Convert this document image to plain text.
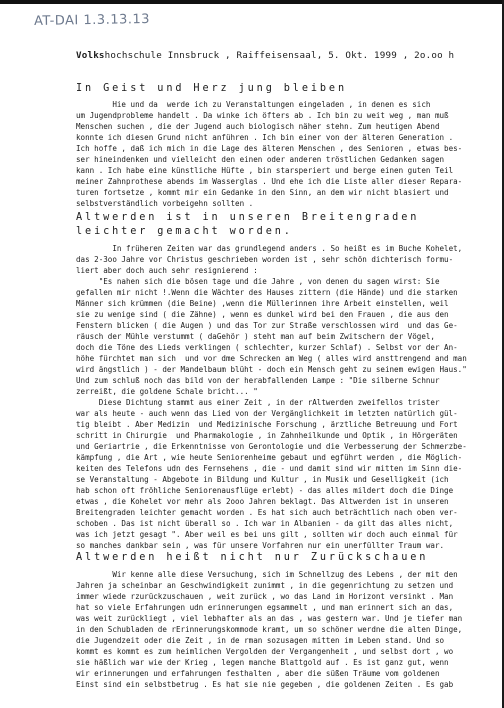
AT-DAI 1.3.13.13
Volkshochschule Innsbruck , Raiffeisensaal, 5. Okt. 1999 , 2o.oo h
In Geist und Herz jung bleiben
Hie und da  werde ich zu Veranstaltungen eingeladen , in denen es sich
um Jugendprobleme handelt . Da winke ich öfters ab . Ich bin zu weit weg , man muß
Menschen suchen , die der Jugend auch biologisch näher stehn. Zum heutigen Abend
konnte ich diesen Grund nicht anführen . Ich bin einer von der älteren Generation .
Ich hoffe , daß ich mich in die Lage des älteren Menschen , des Senioren , etwas bes-
ser hineindenken und vielleicht den einen oder anderen tröstlichen Gedanken sagen
kann . Ich habe eine künstliche Hüfte , bin starsperiert und berge einen guten Teil
meiner Zahnprothese abends im Wasserglas . Und ehe ich die Liste aller dieser Repara-
turen fortsetze , kommt mir ein Gedanke in den Sinn, an dem wir nicht blasiert und
selbstverständlich vorbeigehn sollten .
Altwerden ist in unseren Breitengraden
leichter gemacht worden.
In früheren Zeiten war das grundlegend anders . So heißt es im Buche Kohelet,
das 2-3oo Jahre vor Christus geschrieben worden ist , sehr schön dichterisch formu-
liert aber doch auch sehr resignierend :
"Es nahen sich die bösen tage und die Jahre , von denen du sagen wirst: Sie
gefallen mir nicht !.Wenn die Wächter des Hauses zittern (die Hände) und die starken
Männer sich krümmen (die Beine) ,wenn die Müllerinnen ihre Arbeit einstellen, weil
sie zu wenige sind ( die Zähne) , wenn es dunkel wird bei den Frauen , die aus den
Fenstern blicken ( die Augen ) und das Tor zur Straße verschlossen wird  und das Ge-
räusch der Mühle verstummt ( daGehör ) steht man auf beim Zwitschern der Vögel,
doch die Töne des Lieds verklingen ( schlechter, kurzer Schlaf) . Selbst vor der An-
höhe fürchtet man sich  und vor dme Schrecken am Weg ( alles wird ansttrengend and man
wird ängstlich ) - der Mandelbaum blüht - doch ein Mensch geht zu seinem ewigen Haus."
Und zum schluß noch das bild von der herabfallenden Lampe : "Die silberne Schnur
zerreißt, die goldene Schale bricht... "
Diese Dichtung stammt aus einer Zeit , in der rAltwerden zweifellos trister
war als heute - auch wenn das Lied von der Vergänglichkeit im letzten natürlich gül-
tig bleibt . Aber Medizin  und Medizinische Forschung , ärztliche Betreuung und Fort
schritt in Chirurgie  und Pharmakologie , in Zahnheilkunde und Optik , in Hörgeräten
und Geriartrie , die Erkenntnisse von Gerontologie und die Verbesserung der Schmerzbe-
kämpfung , die Art , wie heute Seniorenheime gebaut und egführt werden , die Möglich-
keiten des Telefons udn des Fernsehens , die - und damit sind wir mitten im Sinn die-
se Veranstaltung - Abgebote in Bildung und Kultur , in Musik und Geselligkeit (ich
hab schon oft fröhliche Seniorenausflüge erlebt) - das alles mildert doch die Dinge
etwas , die Kohelet vor mehr als 2ooo Jahren beklagt. Das Altwerden ist in unseren
Breitengraden leichter gemacht worden . Es hat sich auch beträchtlich nach oben ver-
schoben . Das ist nicht überall so . Ich war in Albanien - da gilt das alles nicht,
was ich jetzt gesagt ". Aber weil es bei uns gilt , sollten wir doch auch einmal für
so manches dankbar sein , was für unsere Vorfahren nur ein unerfüllter Traum war.
Altwerden heißt nicht nur Zurückschauen
Wir kenne alle diese Versuchung, sich im Schnellzug des Lebens , der mit den
Jahren ja scheinbar an Geschwindigkeit zunimmt , in die gegenrichtung zu setzen und
immer wiede rzurückzuschauen , weit zurück , wo das Land im Horizont versinkt . Man
hat so viele Erfahrungen udn erinnerungen egsammelt , und man erinnert sich an das,
was weit zurückliegt , viel lebhafter als an das , was gestern war. Und je tiefer man
in den Schubladen de rErinnerungskommode kramt, um so schöner werdne die alten Dinge,
die Jugendzeit oder die Zeit , in de rman sozusagen mitten im Leben stand. Und so
kommt es kommt es zum heimlichen Vergolden der Vergangenheit , und selbst dort , wo
sie häßlich war wie der Krieg , legen manche Blattgold auf . Es ist ganz gut, wenn
wir erinnerungen und erfahrungen festhalten , aber die süßen Träume vom goldenen
Einst sind ein selbstbetrug . Es hat sie nie gegeben , die goldenen Zeiten . Es gab
